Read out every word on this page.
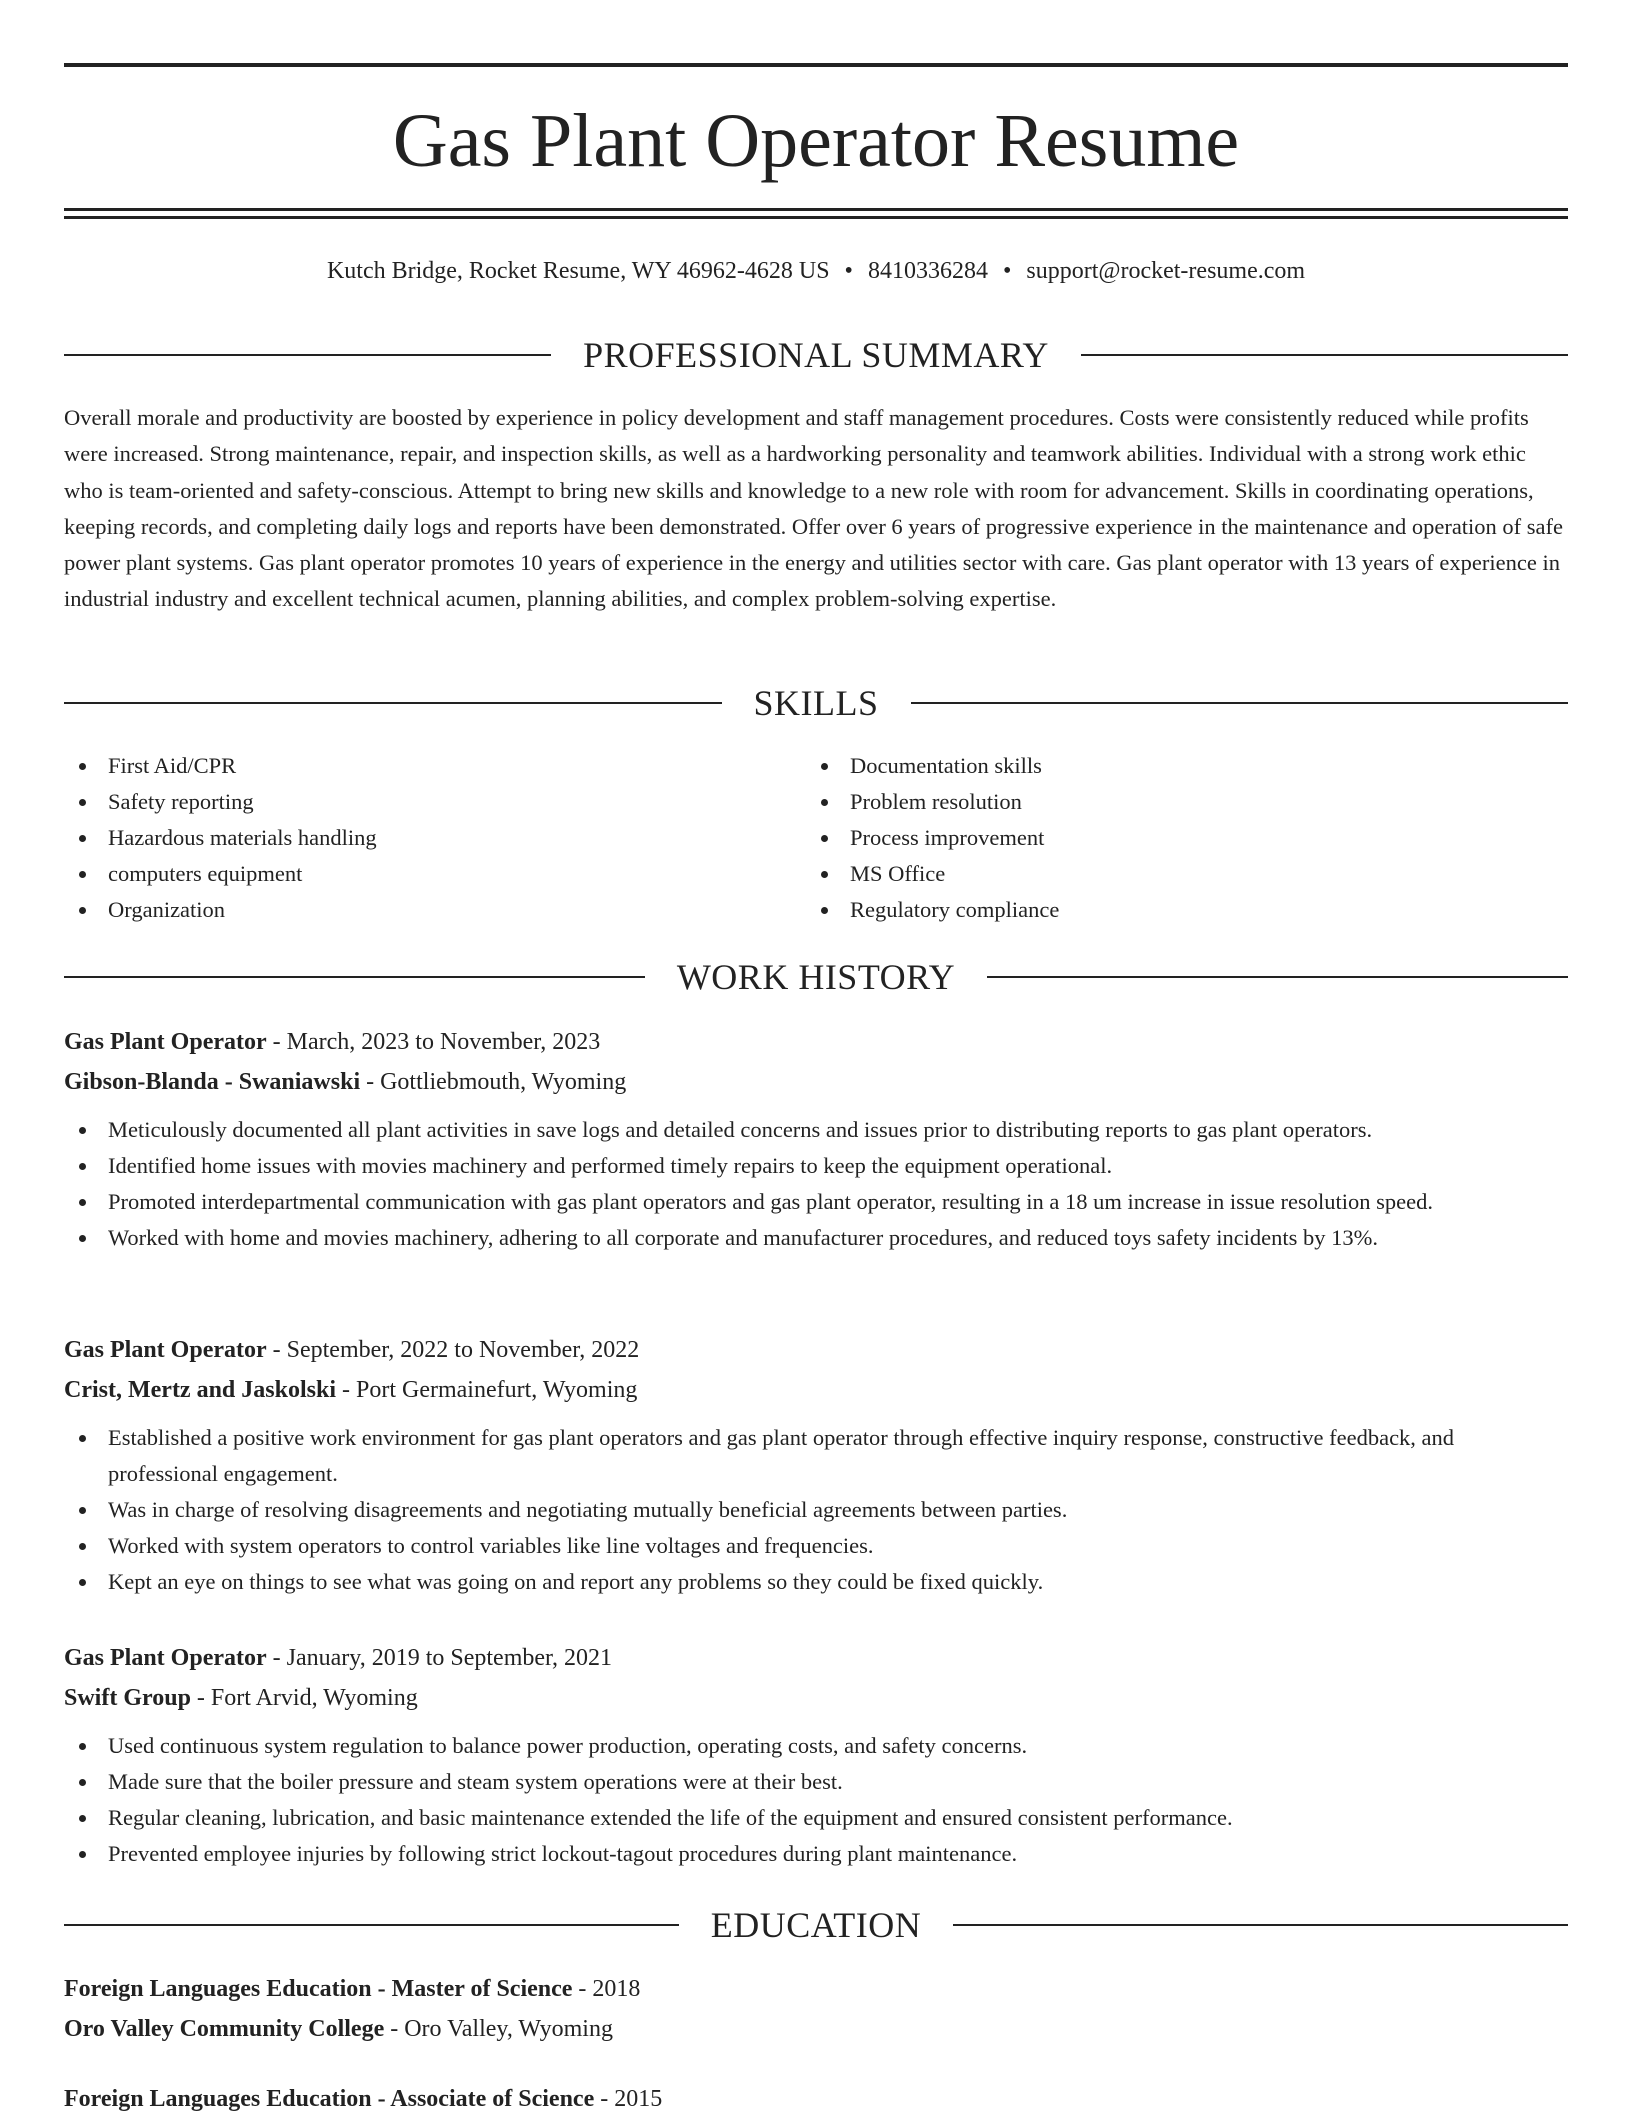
Gas Plant Operator Resume
Kutch Bridge, Rocket Resume, WY 46962-4628 US • 8410336284 • support@rocket-resume.com
PROFESSIONAL SUMMARY

Overall morale and productivity are boosted by experience in policy development and staff management procedures. Costs were consistently reduced while profits were increased. Strong maintenance, repair, and inspection skills, as well as a hardworking personality and teamwork abilities. Individual with a strong work ethic who is team-oriented and safety-conscious. Attempt to bring new skills and knowledge to a new role with room for advancement. Skills in coordinating operations, keeping records, and completing daily logs and reports have been demonstrated. Offer over 6 years of progressive experience in the maintenance and operation of safe power plant systems. Gas plant operator promotes 10 years of experience in the energy and utilities sector with care. Gas plant operator with 13 years of experience in industrial industry and excellent technical acumen, planning abilities, and complex problem-solving expertise.

SKILLS
First Aid/CPR
Safety reporting
Hazardous materials handling
computers equipment
Organization
Documentation skills
Problem resolution
Process improvement
MS Office
Regulatory compliance
WORK HISTORY
Gas Plant Operator - March, 2023 to November, 2023
Gibson-Blanda - Swaniawski - Gottliebmouth, Wyoming
Meticulously documented all plant activities in save logs and detailed concerns and issues prior to distributing reports to gas plant operators.
Identified home issues with movies machinery and performed timely repairs to keep the equipment operational.
Promoted interdepartmental communication with gas plant operators and gas plant operator, resulting in a 18 um increase in issue resolution speed.
Worked with home and movies machinery, adhering to all corporate and manufacturer procedures, and reduced toys safety incidents by 13%.
Gas Plant Operator - September, 2022 to November, 2022
Crist, Mertz and Jaskolski - Port Germainefurt, Wyoming
Established a positive work environment for gas plant operators and gas plant operator through effective inquiry response, constructive feedback, and professional engagement.
Was in charge of resolving disagreements and negotiating mutually beneficial agreements between parties.
Worked with system operators to control variables like line voltages and frequencies.
Kept an eye on things to see what was going on and report any problems so they could be fixed quickly.
Gas Plant Operator - January, 2019 to September, 2021
Swift Group - Fort Arvid, Wyoming
Used continuous system regulation to balance power production, operating costs, and safety concerns.
Made sure that the boiler pressure and steam system operations were at their best.
Regular cleaning, lubrication, and basic maintenance extended the life of the equipment and ensured consistent performance.
Prevented employee injuries by following strict lockout-tagout procedures during plant maintenance.
EDUCATION
Foreign Languages Education - Master of Science - 2018
Oro Valley Community College - Oro Valley, Wyoming
Foreign Languages Education - Associate of Science - 2015
